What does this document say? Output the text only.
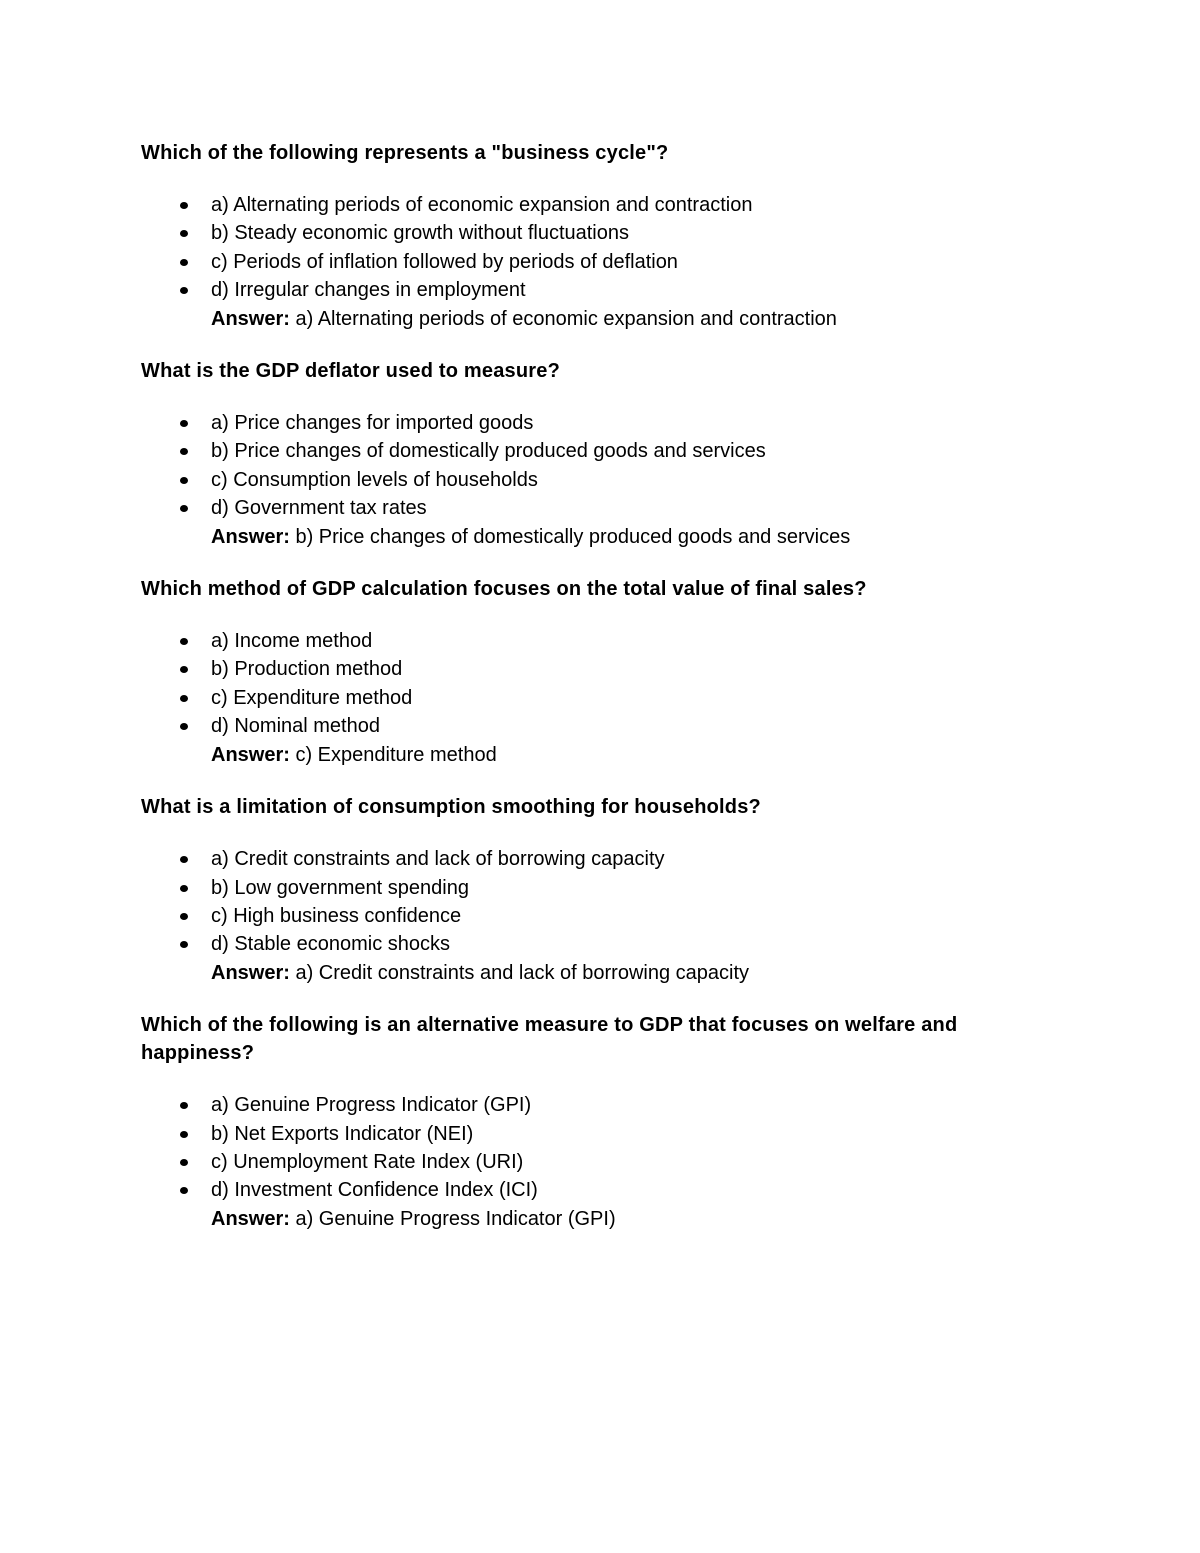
Which of the following represents a "business cycle"?
a) Alternating periods of economic expansion and contraction
b) Steady economic growth without fluctuations
c) Periods of inflation followed by periods of deflation
d) Irregular changes in employment
Answer: a) Alternating periods of economic expansion and contraction
What is the GDP deflator used to measure?
a) Price changes for imported goods
b) Price changes of domestically produced goods and services
c) Consumption levels of households
d) Government tax rates
Answer: b) Price changes of domestically produced goods and services
Which method of GDP calculation focuses on the total value of final sales?
a) Income method
b) Production method
c) Expenditure method
d) Nominal method
Answer: c) Expenditure method
What is a limitation of consumption smoothing for households?
a) Credit constraints and lack of borrowing capacity
b) Low government spending
c) High business confidence
d) Stable economic shocks
Answer: a) Credit constraints and lack of borrowing capacity
Which of the following is an alternative measure to GDP that focuses on welfare and happiness?
a) Genuine Progress Indicator (GPI)
b) Net Exports Indicator (NEI)
c) Unemployment Rate Index (URI)
d) Investment Confidence Index (ICI)
Answer: a) Genuine Progress Indicator (GPI)
